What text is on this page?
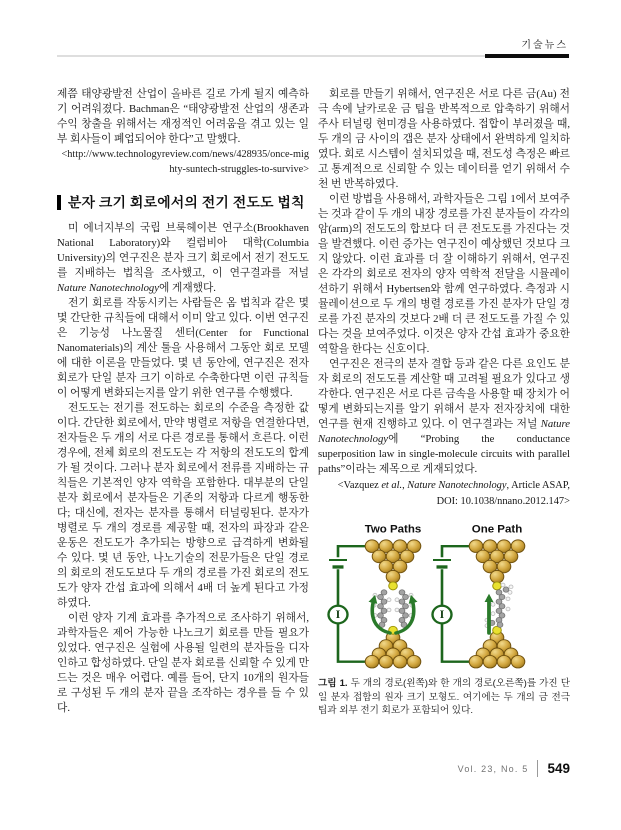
기술뉴스

제쯤 태양광발전 산업이 올바른 길로 가게 될지 예측하기 어려워졌다. Bachman은 “태양광발전 산업의 생존과 수익 창출을 위해서는 재정적인 어려움을 겪고 있는 일부 회사들이 폐업되어야 한다”고 말했다.

<http://www.technologyreview.com/news/428935/once-mig
hty-suntech-struggles-to-survive>
분자 크기 회로에서의 전기 전도도 법칙

미 에너지부의 국립 브룩헤이븐 연구소(Brookhaven National Laboratory)와 컬럼비아 대학(Columbia University)의 연구진은 분자 크기 회로에서 전기 전도도를 지배하는 법칙을 조사했고, 이 연구결과를 저널 Nature Nanotechnology에 게재했다.

전기 회로를 작동시키는 사람들은 옴 법칙과 같은 몇몇 간단한 규칙들에 대해서 이미 알고 있다. 이번 연구진은 기능성 나노물질 센터(Center for Functional Nanomaterials)의 계산 툴을 사용해서 그동안 회로 모델에 대한 이론을 만들었다. 몇 년 동안에, 연구진은 전자 회로가 단일 분자 크기 이하로 수축한다면 이런 규칙들이 어떻게 변화되는지를 알기 위한 연구를 수행했다.

전도도는 전기를 전도하는 회로의 수준을 측정한 값이다. 간단한 회로에서, 만약 병렬로 저항을 연결한다면, 전자들은 두 개의 서로 다른 경로를 통해서 흐른다. 이런 경우에, 전체 회로의 전도도는 각 저항의 전도도의 합계가 될 것이다. 그러나 분자 회로에서 전류를 지배하는 규칙들은 기본적인 양자 역학을 포함한다. 대부분의 단일 분자 회로에서 분자들은 기존의 저항과 다르게 행동한다; 대신에, 전자는 분자를 통해서 터널링된다. 분자가 병렬로 두 개의 경로를 제공할 때, 전자의 파장과 같은 운동은 전도도가 추가되는 방향으로 급격하게 변화될 수 있다. 몇 년 동안, 나노기술의 전문가들은 단일 경로의 회로의 전도도보다 두 개의 경로를 가진 회로의 전도도가 양자 간섭 효과에 의해서 4배 더 높게 된다고 가정하였다.

이런 양자 기계 효과를 추가적으로 조사하기 위해서, 과학자들은 제어 가능한 나노크기 회로를 만들 필요가 있었다. 연구진은 실험에 사용될 일련의 분자들을 디자인하고 합성하였다. 단일 분자 회로를 신뢰할 수 있게 만드는 것은 매우 어렵다. 예를 들어, 단지 10개의 원자들로 구성된 두 개의 분자 끝을 조작하는 경우를 들 수 있다.

회로를 만들기 위해서, 연구진은 서로 다른 금(Au) 전극 속에 날카로운 금 팁을 반복적으로 압축하기 위해서 주사 터널링 현미경을 사용하였다. 접합이 부러졌을 때, 두 개의 금 사이의 갭은 분자 상태에서 완벽하게 일치하였다. 회로 시스템이 설치되었을 때, 전도성 측정은 빠르고 통계적으로 신뢰할 수 있는 데이터를 얻기 위해서 수천 번 반복하였다.

이런 방법을 사용해서, 과학자들은 그림 1에서 보여주는 것과 같이 두 개의 내장 경로를 가진 분자들이 각각의 암(arm)의 전도도의 합보다 더 큰 전도도를 가진다는 것을 발견했다. 이런 증가는 연구진이 예상했던 것보다 크지 않았다. 이런 효과를 더 잘 이해하기 위해서, 연구진은 각각의 회로로 전자의 양자 역학적 전달을 시뮬레이션하기 위해서 Hybertsen와 함께 연구하였다. 측정과 시뮬레이션으로 두 개의 병렬 경로를 가진 분자가 단일 경로를 가진 분자의 것보다 2배 더 큰 전도도를 가질 수 있다는 것을 보여주었다. 이것은 양자 간섭 효과가 중요한 역할을 한다는 신호이다.

연구진은 전극의 분자 결합 등과 같은 다른 요인도 분자 회로의 전도도를 계산할 때 고려될 필요가 있다고 생각한다. 연구진은 서로 다른 금속을 사용할 때 장치가 어떻게 변화되는지를 알기 위해서 분자 전자장치에 대한 연구를 현재 진행하고 있다. 이 연구결과는 저널 Nature Nanotechnology에 “Probing the conductance superposition law in single-molecule circuits with parallel paths”이라는 제목으로 게재되었다.

<Vazquez et al., Nature Nanotechnology, Article ASAP,
DOI: 10.1038/nnano.2012.147>
Two Paths	One Path
I	I
그림 1. 두 개의 경로(왼쪽)와 한 개의 경로(오른쪽)를 가진 단일 분자 접합의 원자 크기 모형도. 여기에는 두 개의 금 전극 팁과 외부 전기 회로가 포함되어 있다.
Vol. 23, No. 5 549
